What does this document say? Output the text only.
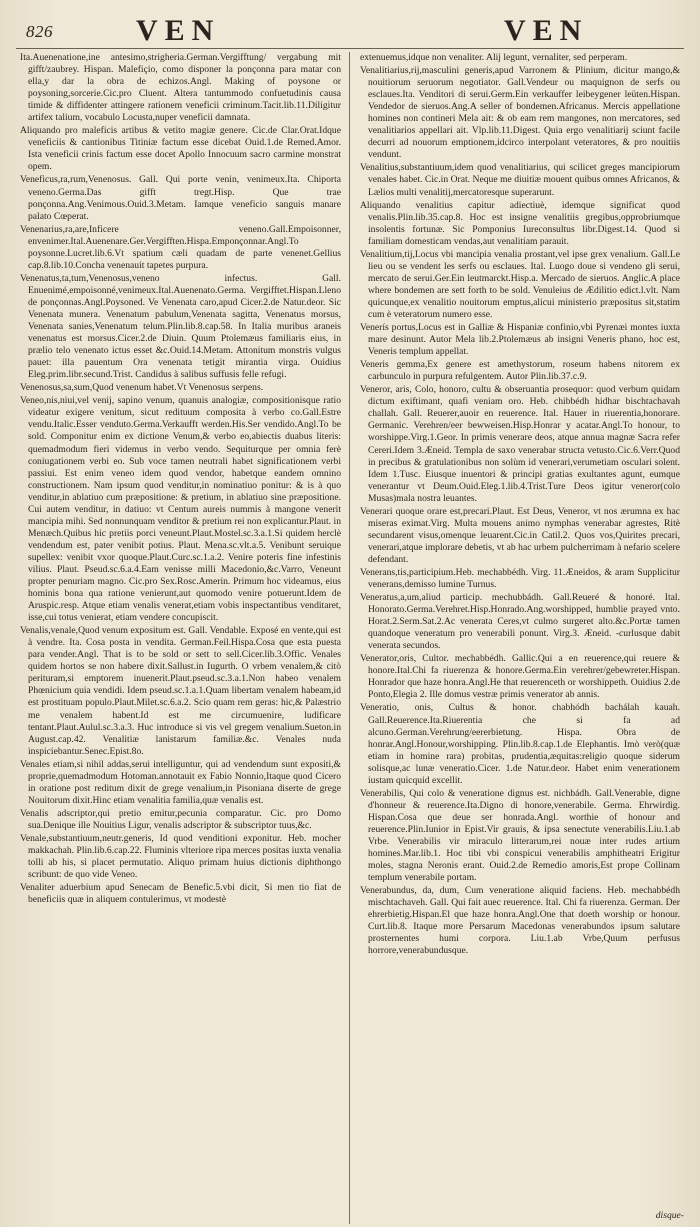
826	VEN	VEN

Ita.Auenenatione,ine antesimo,strigheria.German.Vergifftung/ vergabung mit gifft/zaubrey. Hispan. Malefiçio, como disponer la ponçonna para matar con ella,y dar la obra de echizos.Angl. Making of poysone or poysoning,sorcerie.Cic.pro Cluent. Altera tantummodo confuetudinis causa timide & diffidenter attingere rationem veneficii criminum.Tacit.lib.11.Diligitur artifex talium, vocabulo Locusta,nuper veneficii damnata.

Aliquando pro maleficis artibus & vetito magiæ genere. Cic.de Clar.Orat.Idque veneficiis & cantionibus Titiniæ factum esse dicebat Ouid.1.de Remed.Amor. Ista veneficii crinis factum esse docet Apollo Innocuum sacro carmine monstrat opem.

Veneficus,ra,rum,Venenosus. Gall. Qui porte venin, venimeux.Ita. Chiporta veneno.Germa.Das gifft tregt.Hisp. Que trae ponçonna.Ang.Venimous.Ouid.3.Metam. Iamque veneficio sanguis manare palato Cœperat.

Venenarius,ra,are,Inficere veneno.Gall.Empoisonner, envenimer.Ital.Auenenare.Ger.Vergifften.Hispa.Emponçonnar.Angl.To poysonne.Lucret.lib.6.Vt spatium cæli quadam de parte venenet.Gellius cap.8.lib.10.Concha venenauit tapetes purpura.

Venenatus,ta,tum,Venenosus,veneno infectus. Gall. Enuenimé,empoisonné,venimeux.Ital.Auenenato.Germa. Vergifftet.Hispan.Lleno de ponçonnas.Angl.Poysoned. Ve Venenata caro,apud Cicer.2.de Natur.deor. Sic Venenata munera. Venenatum pabulum,Venenata sagitta, Venenatus morsus, Venenata sanies,Venenatum telum.Plin.lib.8.cap.58. In Italia muribus araneis venenatus est morsus.Cicer.2.de Diuin. Quum Ptolemæus familiaris eius, in prælio telo venenato ictus esset &c.Ouid.14.Metam. Attonitum monstris vulgus pauet: illa pauentum Ora venenata tetigit mirantia virga. Ouidius Eleg.prim.libr.secund.Trist. Candidus à salibus suffusis felle refugi.

Venenosus,sa,sum,Quod venenum habet.Vt Venenosus serpens.

Veneo,nis,niui,vel venij, sapino venum, quanuis analogiæ, compositionisque ratio videatur exigere venitum, sicut redituum composita à verbo co.Gall.Estre vendu.Italic.Esser venduto.Germa.Verkaufft werden.His.Ser vendido.Angl.To be sold. Componitur enim ex dictione Venum,& verbo eo,abiectis duabus literis: quemadmodum fieri videmus in verbo vendo. Sequiturque per omnia ferè coniugationem verbi eo. Sub voce tamen neutrali habet significationem verbi passiui. Est enim veneo idem quod vendor, habetque eandem omnino constructionem. Nam ipsum quod venditur,in nominatiuo ponitur: & is à quo venditur,in ablatiuo cum præpositione: & pretium, in ablatiuo sine præpositione. Cui autem venditur, in datiuo: vt Centum aureis nummis à mangone venerit mancipia mihi. Sed nonnunquam venditor & pretium rei non explicantur.Plaut. in Menæch.Quibus hic pretiis porci veneunt.Plaut.Mostel.sc.3.a.1.Si quidem herclè vendendum est, pater venibit potius. Plaut. Mena.sc.vlt.a.5. Venibunt seruique supellex: venibit vxor quoque.Plaut.Curc.sc.1.a.2. Venire poteris fine infestinis vilius. Plaut. Pseud.sc.6.a.4.Eam venisse milli Macedonio,&c.Varro, Veneunt propter penuriam magno. Cic.pro Sex.Rosc.Amerin. Primum hoc videamus, eius hominis bona qua ratione venierunt,aut quomodo venire potuerunt.Idem de Aruspic.resp. Atque etiam venalis venerat,etiam vobis inspectantibus venditaret, isse,cui totus venierat, etiam vendere concupiscit.

Venalis,venale,Quod venum expositum est. Gall. Vendable. Exposé en vente,qui est à vendre. Ita. Cosa posta in vendita. German.Feil.Hispa.Cosa que esta puesta para vender.Angl. That is to be sold or sett to sell.Cicer.lib.3.Offic. Venales quidem hortos se non habere dixit.Sallust.in Iugurth. O vrbem venalem,& citò perituram,si emptorem inuenerit.Plaut.pseud.sc.3.a.1.Non habeo venalem Phœnicium quia vendidi. Idem pseud.sc.1.a.1.Quam libertam venalem habeam,id est prostituam populo.Plaut.Milet.sc.6.a.2. Scio quam rem geras: hic,& Palæstrio me venalem habent.Id est me circumuenire, ludificare tentant.Plaut.Aulul.sc.3.a.3. Huc introduce si vis vel gregem venalium.Sueton.in August.cap.42. Venalitiæ lanistarum familiæ.&c. Venales nuda inspiciebantur.Senec.Epist.8o.

Venales etiam,si nihil addas,serui intelliguntur, qui ad vendendum sunt expositi,& proprie,quemadmodum Hotoman.annotauit ex Fabio Nonnio,Itaque quod Cicero in oratione post reditum dixit de grege venalium,in Pisoniana diserte de grege Nouitorum dixit.Hinc etiam venalitia familia,quæ venalis est.

Venalis adscriptor,qui pretio emitur,pecunia comparatur. Cic. pro Domo sua.Denique ille Nouitius Ligur, venalis adscriptor & subscriptor tuus,&c.

Venale,substantiuum,neutr.generis, Id quod venditioni exponitur. Heb. mocher makkachah. Plin.lib.6.cap.22. Fluminis vlteriore ripa merces positas iuxta venalia tolli ab his, si placet permutatio. Aliquo primam huius dictionis diphthongo scribunt: de quo vide Veneo.

Venaliter aduerbium apud Senecam de Benefic.5.vbi dicit, Si men tio fiat de beneficiis quæ in aliquem contulerimus, vt modestè

extenuemus,idque non venaliter. Alij legunt, vernaliter, sed perperam.

Venalitiarius,rij,masculini generis,apud Varronem & Plinium, dicitur mango,& nouitiorum seruorum negotiator. Gall.Vendeur ou maquignon de serfs ou esclaues.Ita. Venditori di serui.Germ.Ein verkauffer leibeygener leüten.Hispan. Vendedor de sieruos.Ang.A seller of bondemen.Africanus. Mercis appellatione homines non contineri Mela ait: & ob eam rem mangones, non mercatores, sed venalitiarios appellari ait. Vlp.lib.11.Digest. Quia ergo venalitiarij sciunt facile decurri ad nouorum emptionem,idcirco interpolant veteratores, & pro nouitiis vendunt.

Venalitius,substantiuum,idem quod venalitiarius, qui scilicet greges mancipiorum venales habet. Cic.in Orat. Neque me diuitiæ mouent quibus omnes Africanos, & Lælios multi venalitij,mercatoresque superarunt.

Aliquando venalitius capitur adiectiuè, idemque significat quod venalis.Plin.lib.35.cap.8. Hoc est insigne venalitiis gregibus,opprobriumque insolentis fortunæ. Sic Pomponius Iureconsultus libr.Digest.14. Quod si familiam domesticam vendas,aut venalitiam parauit.

Venalitium,tij,Locus vbi mancipia venalia prostant,vel ipse grex venalium. Gall.Le lieu ou se vendent les serfs ou esclaues. Ital. Luogo doue si vendeno gli serui, mercato de serui.Ger.Ein leutmarckt.Hisp.a. Mercado de sieruos. Anglic.A place where bondemen are sett forth to be sold. Venuleius de Ædilitio edict.l.vlt. Nam quicunque,ex venalitio nouitorum emptus,alicui ministerio præpositus sit,statim cum è veteratorum numero esse.

Venerís portus,Locus est in Galliæ & Hispaniæ confinio,vbi Pyrenæi montes iuxta mare desinunt. Autor Mela lib.2.Ptolemæus ab insigni Veneris phano, hoc est, Veneris templum appellat.

Veneris gemma,Ex genere est amethystorum, roseum habens nitorem ex carbunculo in purpura refulgentem. Autor Plin.lib.37.c.9.

Veneror, aris, Colo, honoro, cultu & obseruantia prosequor: quod verbum quidam dictum exiftimant, quafi veniam oro. Heb. chibbédh hidhar bischtachavah challah. Gall. Reuerer,auoir en reuerence. Ital. Hauer in riuerentia,honorare. Germanic. Verehren/eer bewweisen.Hisp.Honrar y acatar.Angl.To honour, to worshippe.Virg.1.Geor. In primis venerare deos, atque annua magnæ Sacra refer Cereri.Idem 3.Æneid. Templa de saxo venerabar structa vetusto.Cic.6.Verr.Quod in precibus & gratulationibus non solùm id venerari,verumetiam osculari solent. Idem 1.Tusc. Eiusque inuentori & principi gratias exultantes agunt, eumque venerantur vt Deum.Ouid.Eleg.1.lib.4.Trist.Ture Deos igitur veneror(colo Musas)mala nostra leuantes.

Venerari quoque orare est,precari.Plaut. Est Deus, Veneror, vt nos ærumna ex hac miseras eximat.Virg. Multa mouens animo nymphas venerabar agrestes, Ritè secundarent visus,omenque leuarent.Cic.in Catil.2. Quos vos,Quirites precari, venerari,atque implorare debetis, vt ab hac urbem pulcherrimam à nefario scelere defendant.

Venerans,tis,participium.Heb. mechabbédh. Virg. 11.Æneidos, & aram Supplicitur venerans,demisso lumine Turnus.

Veneratus,a,um,aliud particip. mechubbádh. Gall.Reueré & honoré. Ital. Honorato.Germa.Verehret.Hisp.Honrado.Ang.worshipped, humblie prayed vnto. Horat.2.Serm.Sat.2.Ac venerata Ceres,vt culmo surgeret alto.&c.Portæ tamen quandoque veneratum pro venerabili ponunt. Virg.3. Æneid. -curlusque dabit venerata secundos.

Venerator,oris, Cultor. mechabbédh. Gallic.Qui a en reuerence,qui reuere & honore.Ital.Chi fa riuerenza & honore.Germa.Ein verehrer/gebewreter.Hispan. Honrador que haze honra.Angl.He that reuerenceth or worshippeth. Ouidius 2.de Ponto,Elegia 2. Ille domus vestræ primis venerator ab annis.

Veneratio, onis, Cultus & honor. chabhódh bachálah kauah. Gall.Reuerence.Ita.Riuerentia che si fa ad alcuno.German.Verehrung/eererbietung. Hispa. Obra de honrar.Angl.Honour,worshipping. Plin.lib.8.cap.1.de Elephantis. Imò verò(quæ etiam in homine rara) probitas, prudentia,æquitas:religio quoque siderum solisque,ac lunæ veneratio.Cicer. 1.de Natur.deor. Habet enim venerationem iustam quicquid excellit.

Venerabilis, Qui colo & veneratione dignus est. nichbádh. Gall.Venerable, digne d'honneur & reuerence.Ita.Digno di honore,venerabile. Germa. Ehrwirdig. Hispan.Cosa que deue ser honrada.Angl. worthie of honour and reuerence.Plin.Iunior in Epist.Vir grauis, & ipsa senectute venerabilis.Liu.1.ab Vrbe. Venerabilis vir miraculo litterarum,rei nouæ inter rudes artium homines.Mar.lib.1. Hoc tibi vbi conspicui venerabilis amphitheatri Erigitur moles, stagna Neronis erant. Ouid.2.de Remedio amoris,Est prope Collinam templum venerabile portam.

Venerabundus, da, dum, Cum veneratione aliquid faciens. Heb. mechabbédh mischtachaveh. Gall. Qui fait auec reuerence. Ital. Chi fa riuerenza. German. Der ehrerbietig.Hispan.El que haze honra.Angl.One that doeth worship or honour. Curt.lib.8. Itaque more Persarum Macedonas venerabundos ipsum salutare prosternentes humi corpora. Liu.1.ab Vrbe,Quum perfusus horrore,venerabundusque.

disque-
